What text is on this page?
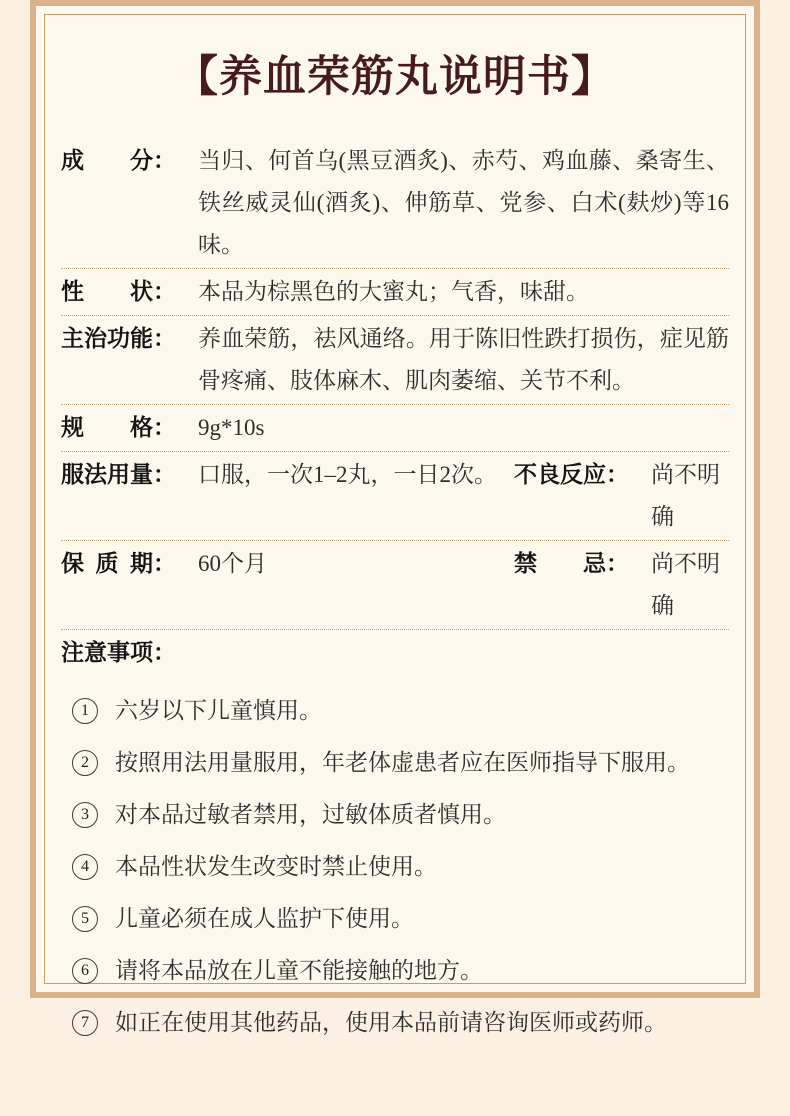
【养血荣筋丸说明书】
成分： 当归、何首乌(黑豆酒炙)、赤芍、鸡血藤、桑寄生、铁丝威灵仙(酒炙)、伸筋草、党参、白术(麸炒)等16味。
性状： 本品为棕黑色的大蜜丸；气香，味甜。
主治功能： 养血荣筋，祛风通络。用于陈旧性跌打损伤，症见筋骨疼痛、肢体麻木、肌肉萎缩、关节不利。
规格： 9g*10s
服法用量： 口服，一次1–2丸，一日2次。 不良反应： 尚不明确
保质期： 60个月	禁忌： 尚不明确
注意事项：
1	六岁以下儿童慎用。
2	按照用法用量服用，年老体虚患者应在医师指导下服用。
3	对本品过敏者禁用，过敏体质者慎用。
4	本品性状发生改变时禁止使用。
5	儿童必须在成人监护下使用。
6	请将本品放在儿童不能接触的地方。
7	如正在使用其他药品，使用本品前请咨询医师或药师。
